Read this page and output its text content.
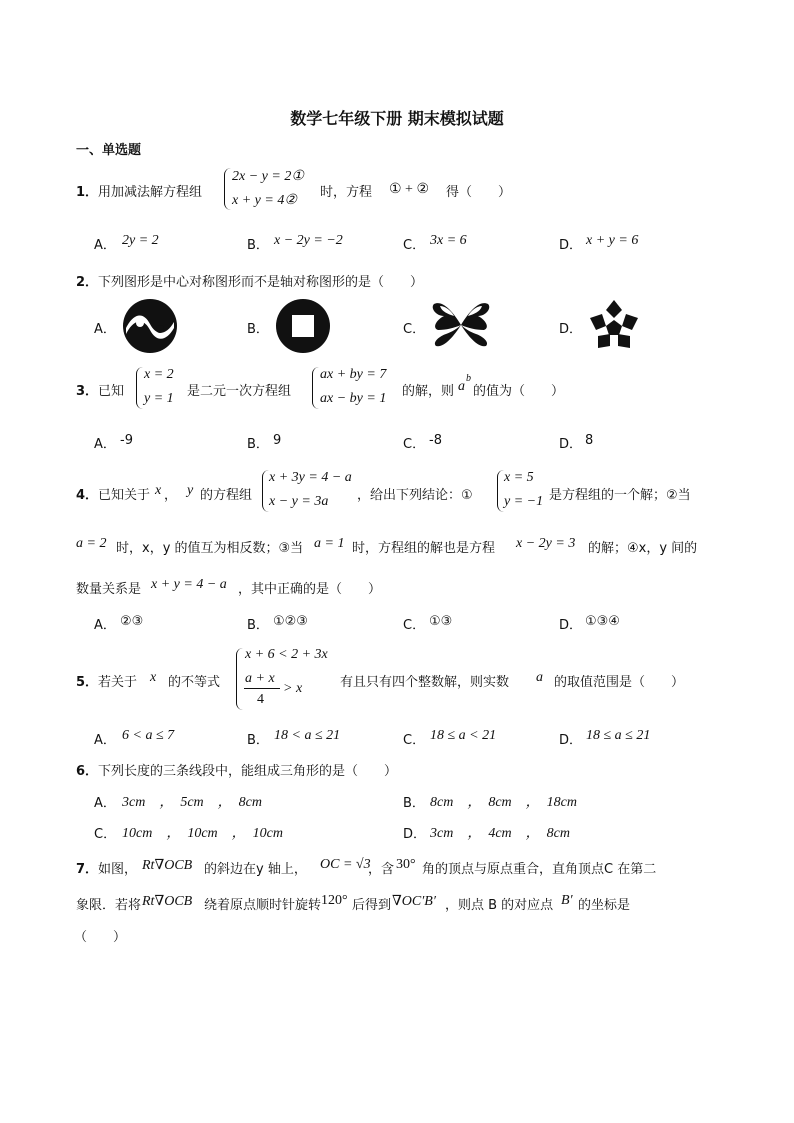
数学七年级下册 期末模拟试题
一、单选题
1． 用加减法解方程组
2x − y = 2①
x + y = 4②
时，方程 ① + ② 得（　　）
A． 2y = 2	B． x − 2y = −2	C． 3x = 6	D． x + y = 6
2． 下列图形是中心对称图形而不是轴对称图形的是（　　）
A．	B．	C．	D．
3． 已知
x = 2
y = 1 是二元一次方程组
ax + by = 7
ax − by = 1 的解，则 a
b
的值为（　　）
A． -9	B． 9	C． -8	D． 8
4． 已知关于 x ， y 的方程组
x + 3y = 4 − a
x − y = 3a ，给出下列结论：①
x = 5
y = −1 是方程组的一个解；②当
a = 2 时，x，y 的值互为相反数；③当 a = 1 时，方程组的解也是方程 x − 2y = 3 的解；④x，y 间的
数量关系是 x + y = 4 − a ，其中正确的是（　　）
A． ②③	B． ①②③	C． ①③	D． ①③④
5． 若关于 x 的不等式
x + 6 < 2 + 3x
a + x
4
> x	有且只有四个整数解，则实数 a 的取值范围是（　　）
A． 6 < a ≤ 7	B． 18 < a ≤ 21	C． 18 ≤ a < 21	D． 18 ≤ a ≤ 21
6． 下列长度的三条线段中，能组成三角形的是（　　）
A． 3cm　，　5cm　，　8cm	B． 8cm　，　8cm　，　18cm
C． 10cm　，　10cm　，　10cm	D． 3cm　，　4cm　，　8cm
7． 如图， Rt∇OCB 的斜边在y 轴上， OC = √3
，含 30° 角的顶点与原点重合，直角顶点C 在第二
象限．若将 Rt∇OCB 绕着原点顺时针旋转 120° 后得到 ∇OC′B′ ，则点 B 的对应点 B′ 的坐标是
（　　）
